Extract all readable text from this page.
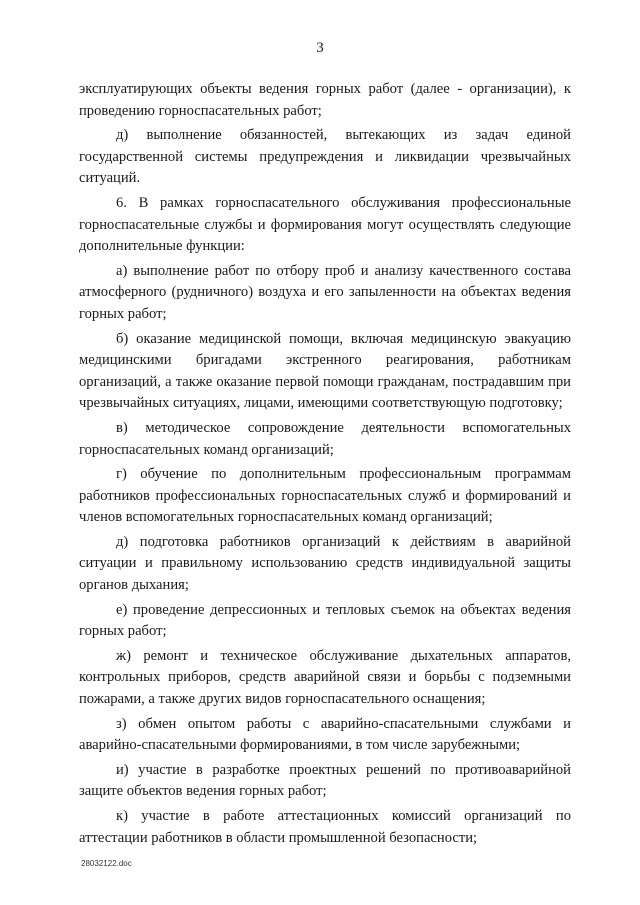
3

эксплуатирующих объекты ведения горных работ (далее - организации), к проведению горноспасательных работ;

д) выполнение обязанностей, вытекающих из задач единой государственной системы предупреждения и ликвидации чрезвычайных ситуаций.

6. В рамках горноспасательного обслуживания профессиональные горноспасательные службы и формирования могут осуществлять следующие дополнительные функции:

а) выполнение работ по отбору проб и анализу качественного состава атмосферного (рудничного) воздуха и его запыленности на объектах ведения горных работ;

б) оказание медицинской помощи, включая медицинскую эвакуацию медицинскими бригадами экстренного реагирования, работникам организаций, а также оказание первой помощи гражданам, пострадавшим при чрезвычайных ситуациях, лицами, имеющими соответствующую подготовку;

в) методическое сопровождение деятельности вспомогательных горноспасательных команд организаций;

г) обучение по дополнительным профессиональным программам работников профессиональных горноспасательных служб и формирований и членов вспомогательных горноспасательных команд организаций;

д) подготовка работников организаций к действиям в аварийной ситуации и правильному использованию средств индивидуальной защиты органов дыхания;

е) проведение депрессионных и тепловых съемок на объектах ведения горных работ;

ж) ремонт и техническое обслуживание дыхательных аппаратов, контрольных приборов, средств аварийной связи и борьбы с подземными пожарами, а также других видов горноспасательного оснащения;

з) обмен опытом работы с аварийно-спасательными службами и аварийно-спасательными формированиями, в том числе зарубежными;

и) участие в разработке проектных решений по противоаварийной защите объектов ведения горных работ;

к) участие в работе аттестационных комиссий организаций по аттестации работников в области промышленной безопасности;

28032122.doc
